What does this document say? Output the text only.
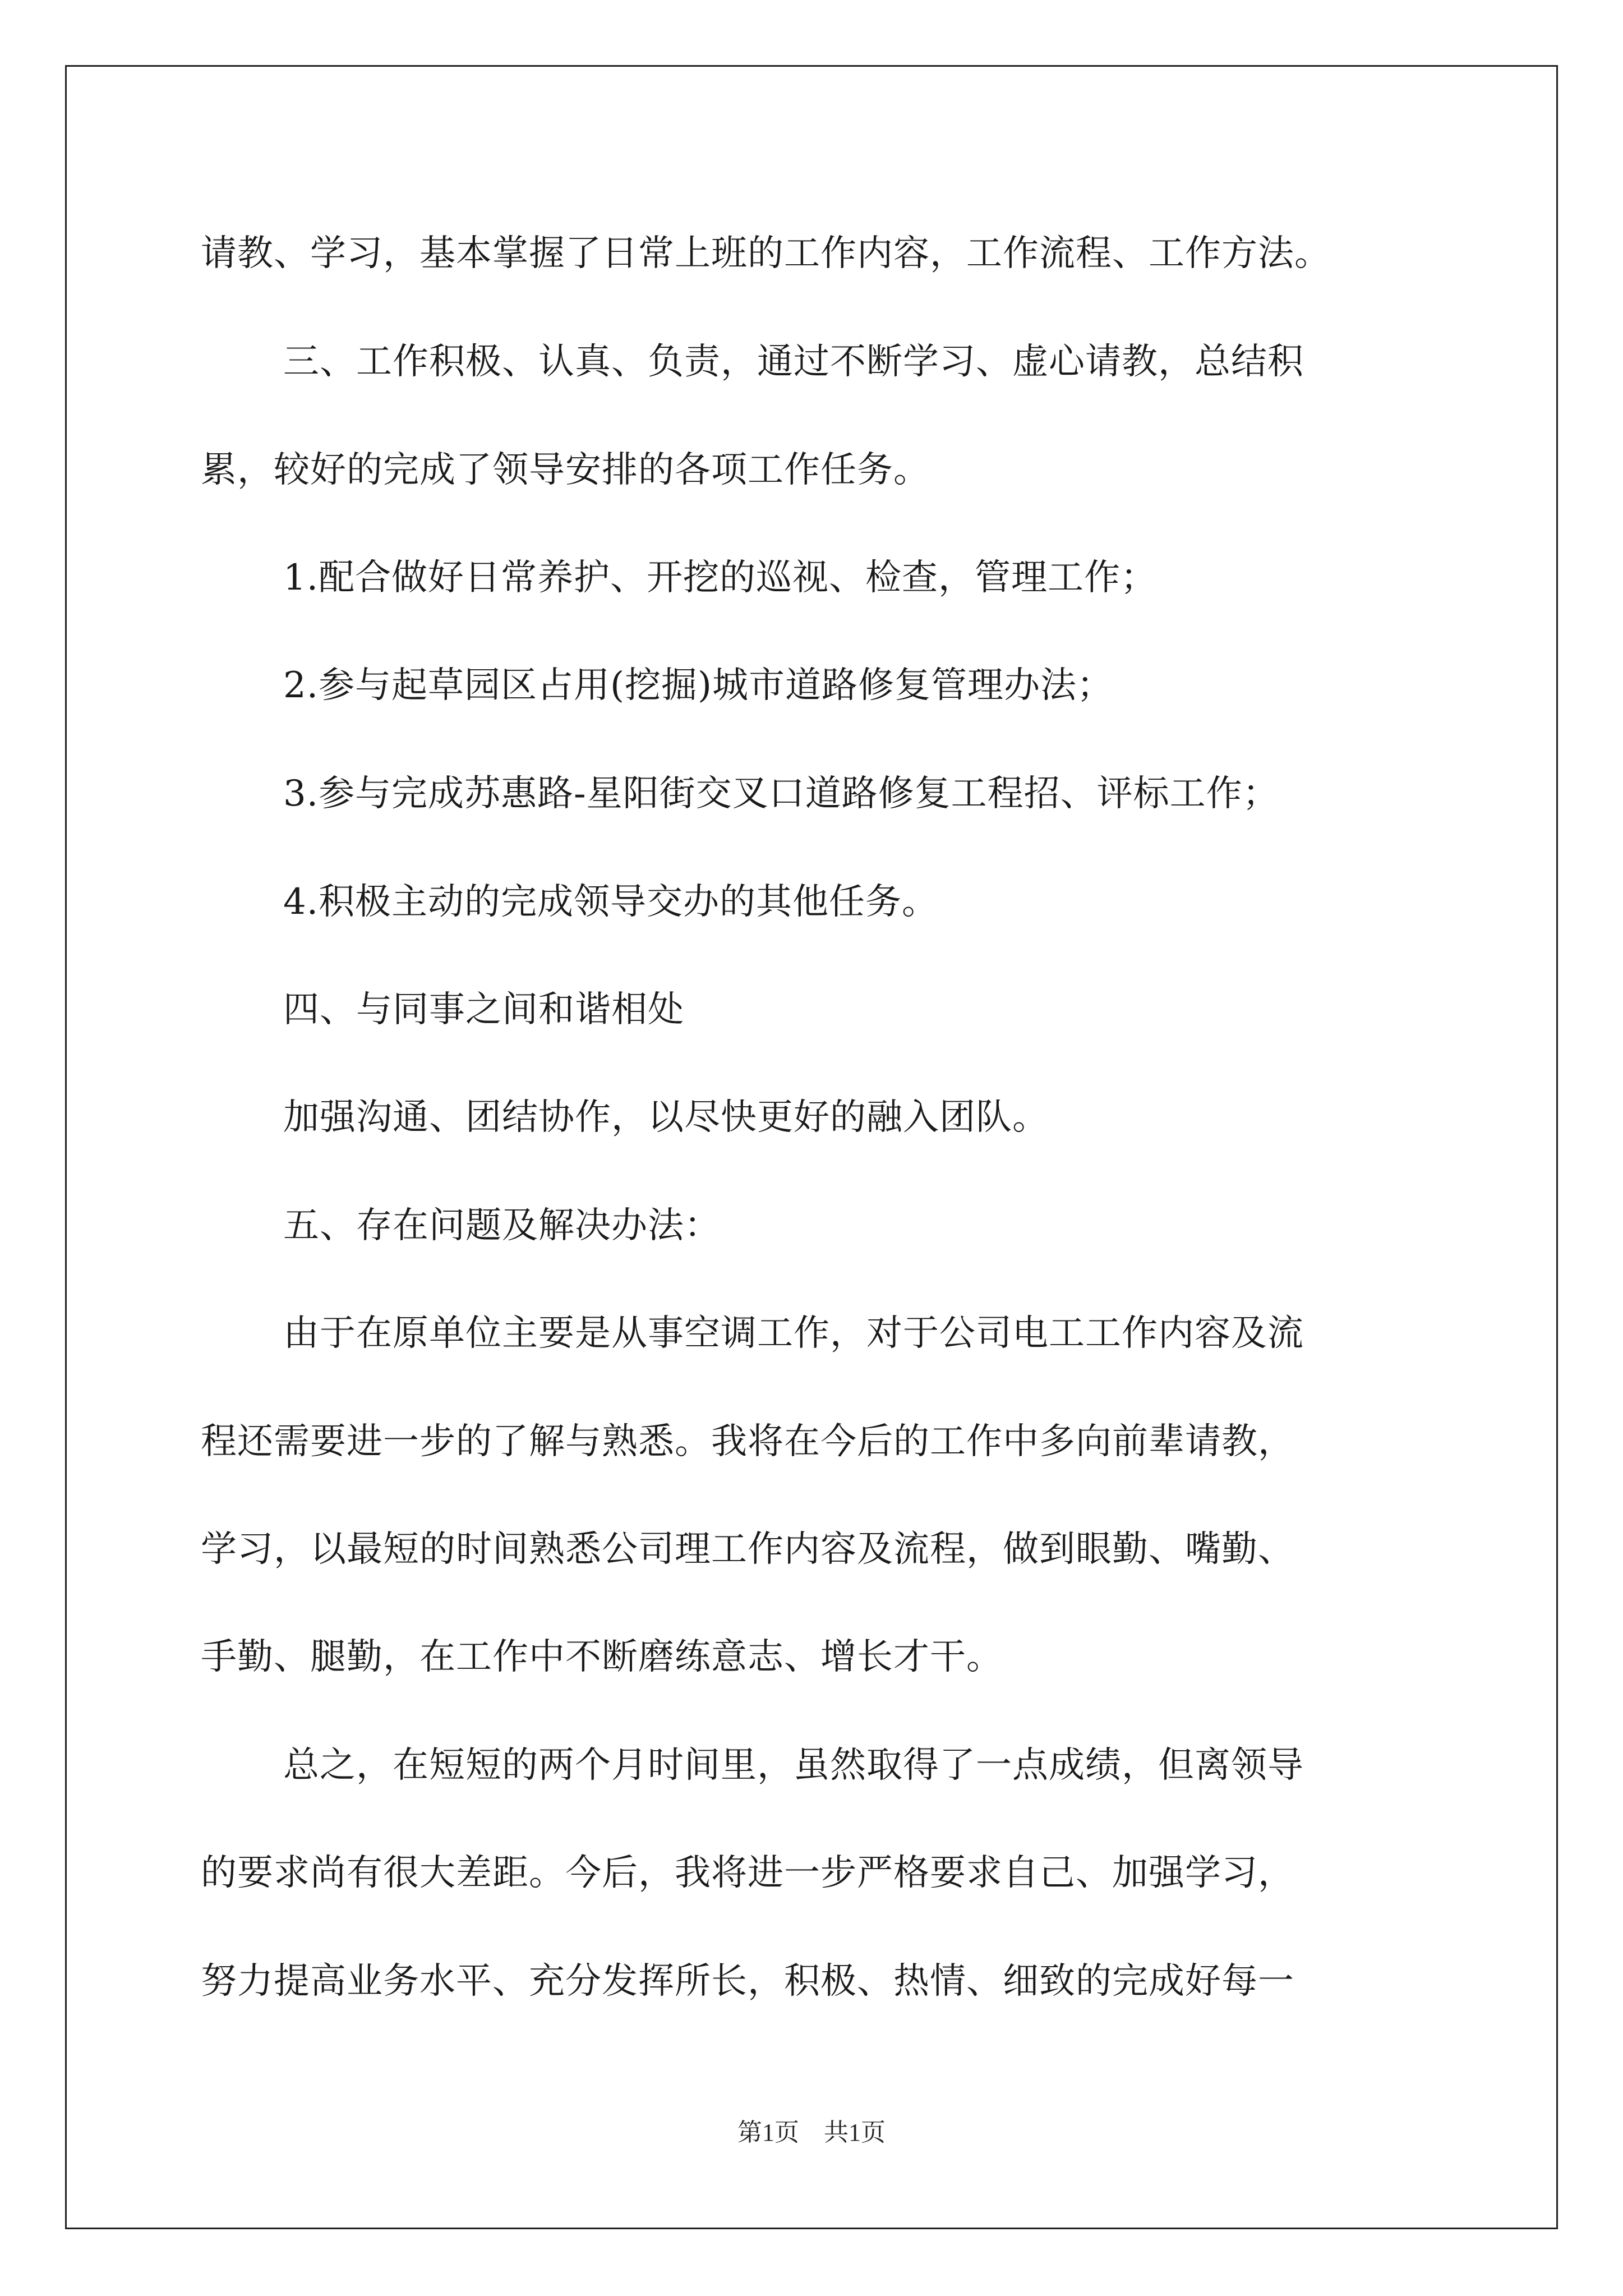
请教、学习，基本掌握了日常上班的工作内容，工作流程、工作方法。
三、工作积极、认真、负责，通过不断学习、虚心请教，总结积
累，较好的完成了领导安排的各项工作任务。
1.配合做好日常养护、开挖的巡视、检查，管理工作；
2.参与起草园区占用(挖掘)城市道路修复管理办法；
3.参与完成苏惠路-星阳街交叉口道路修复工程招、评标工作；
4.积极主动的完成领导交办的其他任务。
四、与同事之间和谐相处
加强沟通、团结协作，以尽快更好的融入团队。
五、存在问题及解决办法：
由于在原单位主要是从事空调工作，对于公司电工工作内容及流
程还需要进一步的了解与熟悉。我将在今后的工作中多向前辈请教，
学习，以最短的时间熟悉公司理工作内容及流程，做到眼勤、嘴勤、
手勤、腿勤，在工作中不断磨练意志、增长才干。
总之，在短短的两个月时间里，虽然取得了一点成绩，但离领导
的要求尚有很大差距。今后，我将进一步严格要求自己、加强学习，
努力提高业务水平、充分发挥所长，积极、热情、细致的完成好每一
第1页　共1页
